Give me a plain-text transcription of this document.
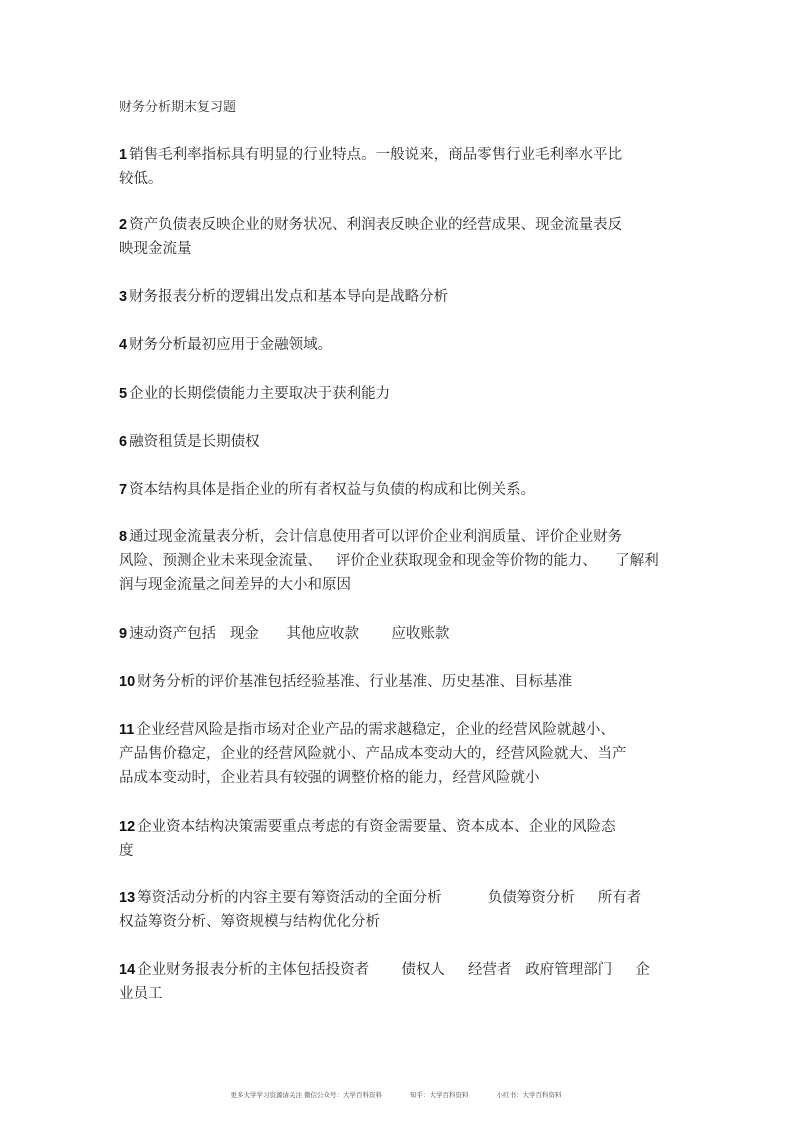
财务分析期末复习题
1 销售毛利率指标具有明显的行业特点。一般说来，商品零售行业毛利率水平比
较低。
2 资产负债表反映企业的财务状况、利润表反映企业的经营成果、现金流量表反
映现金流量
3 财务报表分析的逻辑出发点和基本导向是战略分析
4 财务分析最初应用于金融领域。
5 企业的长期偿债能力主要取决于获利能力
6 融资租赁是长期债权
7 资本结构具体是指企业的所有者权益与负债的构成和比例关系。
8 通过现金流量表分析，会计信息使用者可以评价企业利润质量、评价企业财务
风险、预测企业未来现金流量、   评价企业获取现金和现金等价物的能力、    了解利
润与现金流量之间差异的大小和原因
9 速动资产包括   现金      其他应收款       应收账款
10 财务分析的评价基准包括经验基准、行业基准、历史基准、目标基准
11 企业经营风险是指市场对企业产品的需求越稳定，企业的经营风险就越小、
产品售价稳定，企业的经营风险就小、产品成本变动大的，经营风险就大、当产
品成本变动时，企业若具有较强的调整价格的能力，经营风险就小
12 企业资本结构决策需要重点考虑的有资金需要量、资本成本、企业的风险态
度
13 筹资活动分析的内容主要有筹资活动的全面分析          负债筹资分析     所有者
权益筹资分析、筹资规模与结构优化分析
14 企业财务报表分析的主体包括投资者       债权人     经营者   政府管理部门     企
业员工
更多大学学习资源请关注 微信公众号：大学百科资料	知乎：大学百科资料	小红书：大学百科资料
